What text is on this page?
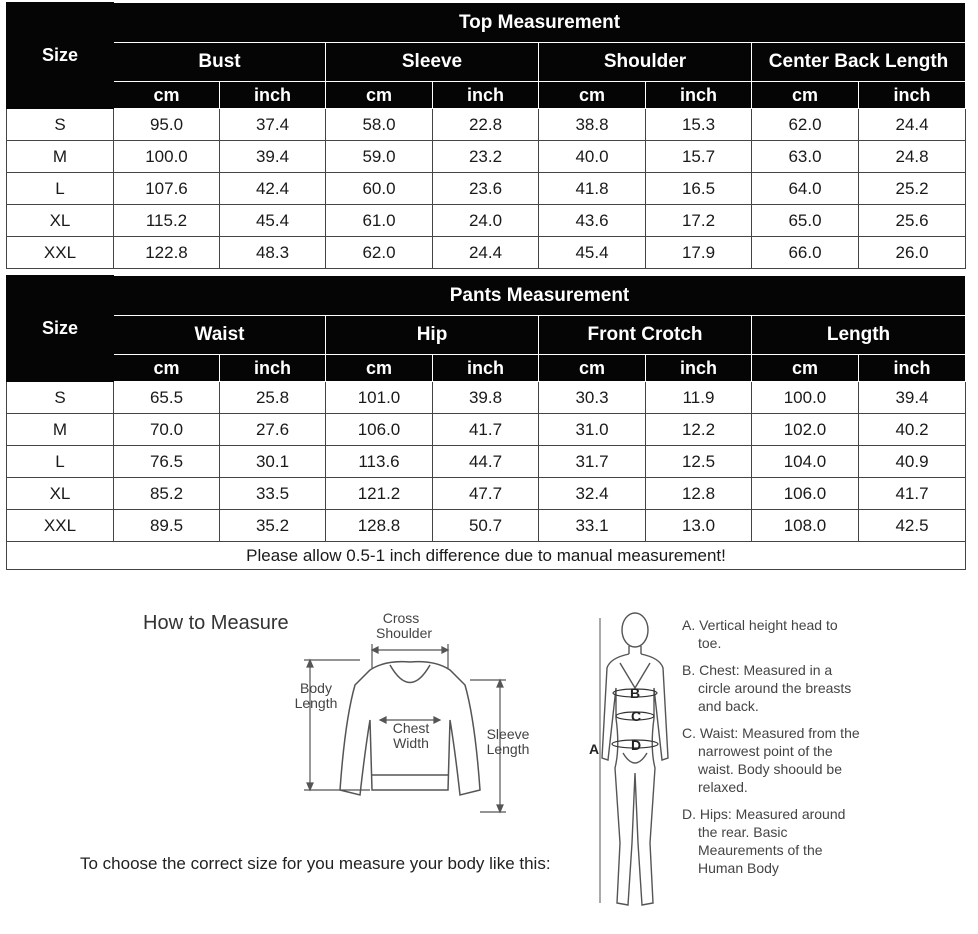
Size	Top Measurement							
	Bust		Sleeve		Shoulder		Center Back Length	
	cm	inch	cm	inch	cm	inch	cm	inch
S	95.0	37.4	58.0	22.8	38.8	15.3	62.0	24.4
M	100.0	39.4	59.0	23.2	40.0	15.7	63.0	24.8
L	107.6	42.4	60.0	23.6	41.8	16.5	64.0	25.2
XL	115.2	45.4	61.0	24.0	43.6	17.2	65.0	25.6
XXL	122.8	48.3	62.0	24.4	45.4	17.9	66.0	26.0
Size	Pants Measurement							
	Waist		Hip		Front Crotch		Length	
	cm	inch	cm	inch	cm	inch	cm	inch
S	65.5	25.8	101.0	39.8	30.3	11.9	100.0	39.4
M	70.0	27.6	106.0	41.7	31.0	12.2	102.0	40.2
L	76.5	30.1	113.6	44.7	31.7	12.5	104.0	40.9
XL	85.2	33.5	121.2	47.7	32.4	12.8	106.0	41.7
XXL	89.5	35.2	128.8	50.7	33.1	13.0	108.0	42.5
Please allow 0.5-1 inch difference due to manual measurement!								
How to Measure	Cross Shoulder
Body Length
Chest Width
Sleeve Length
To choose the correct size for you measure your body like this:
A
B
C
D
A. Vertical height head to toe.
B. Chest: Measured in a circle around the breasts and back.
C. Waist: Measured from the narrowest point of the waist. Body shoould be relaxed.
D. Hips: Measured around the rear. Basic Meaurements of the Human Body
